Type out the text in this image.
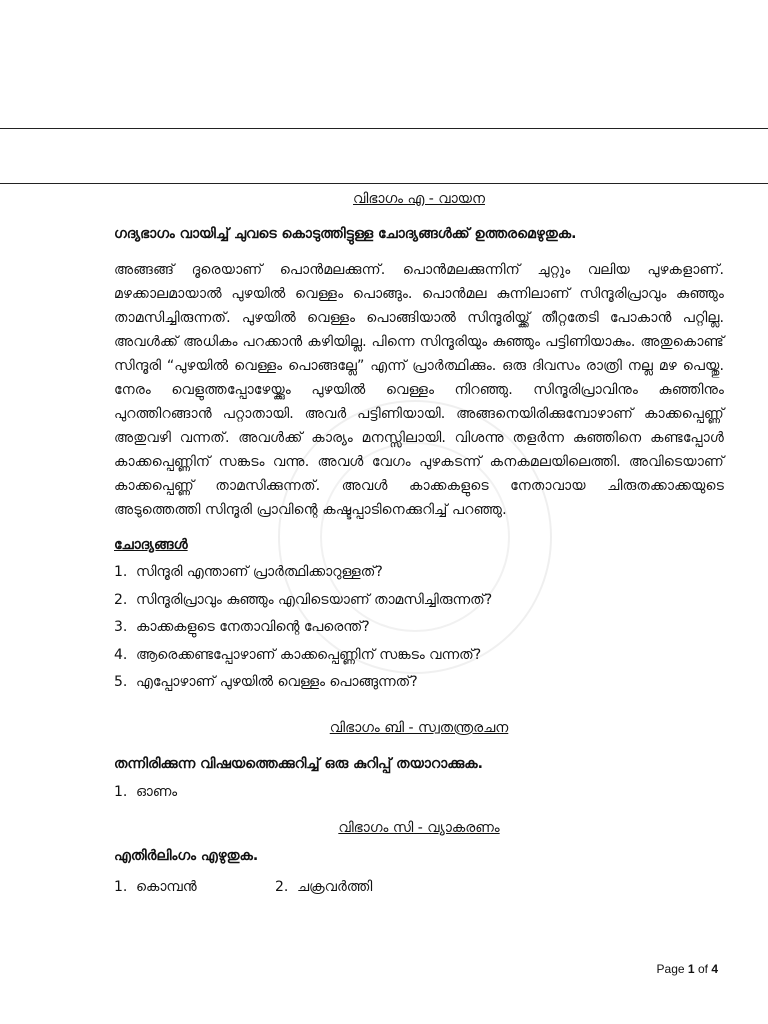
വിഭാഗം എ - വായന

ഗദ്യഭാഗം വായിച്ച് ചുവടെ കൊടുത്തിട്ടുള്ള ചോദ്യങ്ങൾക്ക് ഉത്തരമെഴുതുക.

അങ്ങങ്ങ് ദൂരെയാണ് പൊൻമലക്കുന്ന്. പൊൻമലക്കുന്നിന് ചുറ്റും വലിയ പുഴകളാണ്. മഴക്കാലമായാൽ പുഴയിൽ വെള്ളം പൊങ്ങും. പൊൻമല കുന്നിലാണ് സിന്ദൂരിപ്രാവും കുഞ്ഞും താമസിച്ചിരുന്നത്. പുഴയിൽ വെള്ളം പൊങ്ങിയാൽ സിന്ദൂരിയ്ക്ക് തീറ്റതേടി പോകാൻ പറ്റില്ല. അവൾക്ക് അധികം പറക്കാൻ കഴിയില്ല. പിന്നെ സിന്ദൂരിയും കുഞ്ഞും പട്ടിണിയാകും. അതുകൊണ്ട് സിന്ദൂരി “പുഴയിൽ വെള്ളം പൊങ്ങല്ലേ” എന്ന് പ്രാർത്ഥിക്കും. ഒരു ദിവസം രാത്രി നല്ല മഴ പെയ്തു. നേരം വെളുത്തപ്പോഴേയ്ക്കും പുഴയിൽ വെള്ളം നിറഞ്ഞു. സിന്ദൂരിപ്രാവിനും കുഞ്ഞിനും പുറത്തിറങ്ങാൻ പറ്റാതായി. അവർ പട്ടിണിയായി. അങ്ങനെയിരിക്കുമ്പോഴാണ് കാക്കപ്പെണ്ണ് അതുവഴി വന്നത്. അവൾക്ക് കാര്യം മനസ്സിലായി. വിശന്നു തളർന്ന കുഞ്ഞിനെ കണ്ടപ്പോൾ കാക്കപ്പെണ്ണിന് സങ്കടം വന്നു. അവൾ വേഗം പുഴകടന്ന് കനകമലയിലെത്തി. അവിടെയാണ് കാക്കപ്പെണ്ണ് താമസിക്കുന്നത്. അവൾ കാക്കകളുടെ നേതാവായ ചിരുതക്കാക്കയുടെ അടുത്തെത്തി സിന്ദൂരി പ്രാവിന്റെ കഷ്ടപ്പാടിനെക്കുറിച്ച് പറഞ്ഞു.

ചോദ്യങ്ങൾ

1. സിന്ദൂരി എന്താണ് പ്രാർത്ഥിക്കാറുള്ളത്?
2. സിന്ദൂരിപ്രാവും കുഞ്ഞും എവിടെയാണ് താമസിച്ചിരുന്നത്?
3. കാക്കകളുടെ നേതാവിന്റെ പേരെന്ത്?
4. ആരെക്കണ്ടപ്പോഴാണ് കാക്കപ്പെണ്ണിന് സങ്കടം വന്നത്?
5. എപ്പോഴാണ് പുഴയിൽ വെള്ളം പൊങ്ങുന്നത്?

വിഭാഗം ബി - സ്വതന്ത്രരചന

തന്നിരിക്കുന്ന വിഷയത്തെക്കുറിച്ച് ഒരു കുറിപ്പ് തയാറാക്കുക.

1. ഓണം

വിഭാഗം സി - വ്യാകരണം

എതിർലിംഗം എഴുതുക.

1. കൊമ്പൻ	2. ചക്രവർത്തി
Page 1 of 4
